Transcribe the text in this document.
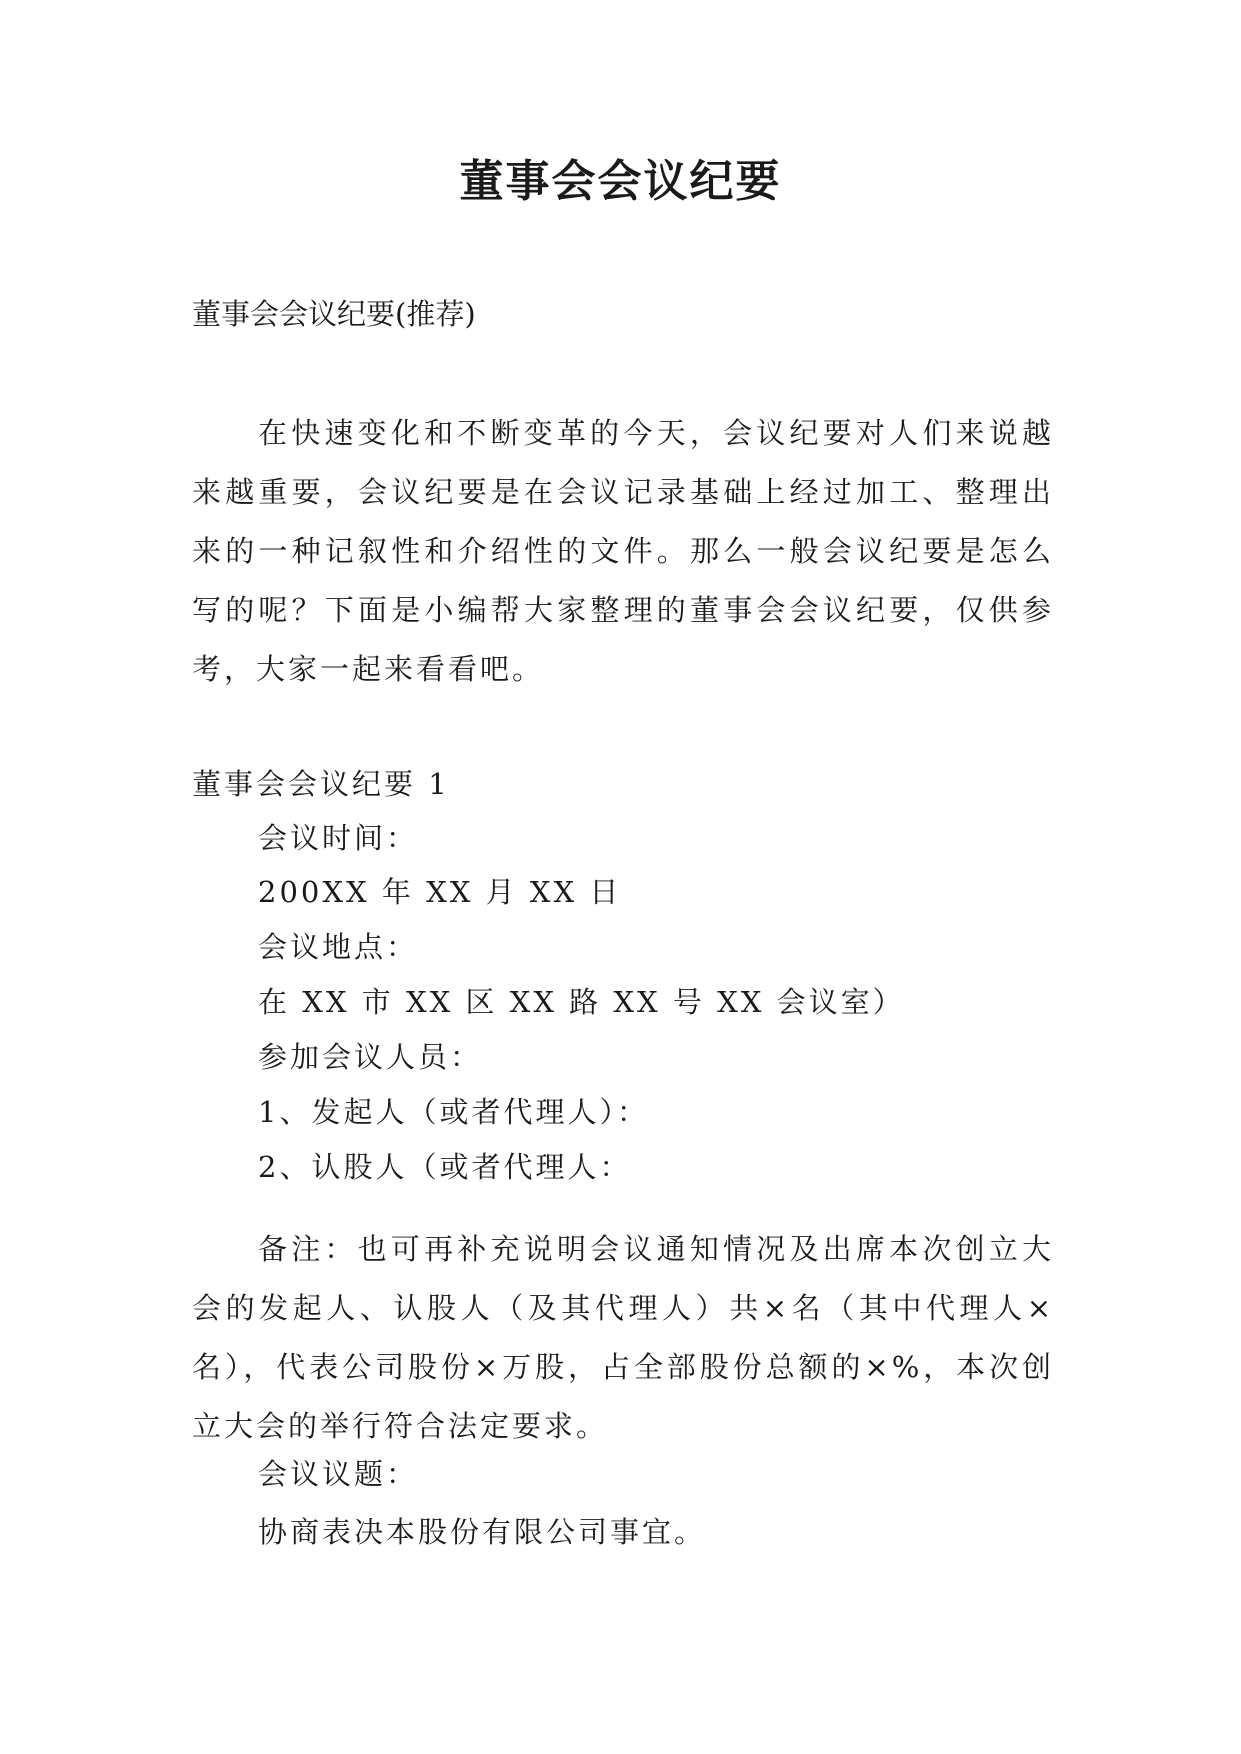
董事会会议纪要
董事会会议纪要(推荐)
在快速变化和不断变革的今天，会议纪要对人们来说越来越重要，会议纪要是在会议记录基础上经过加工、整理出来的一种记叙性和介绍性的文件。那么一般会议纪要是怎么写的呢？下面是小编帮大家整理的董事会会议纪要，仅供参考，大家一起来看看吧。
董事会会议纪要 1
会议时间：
200XX 年 XX 月 XX 日
会议地点：
在 XX 市 XX 区 XX 路 XX 号 XX 会议室）
参加会议人员：
1、发起人（或者代理人）：
2、认股人（或者代理人：
备注：也可再补充说明会议通知情况及出席本次创立大会的发起人、认股人（及其代理人）共×名（其中代理人×名），代表公司股份×万股，占全部股份总额的×%，本次创立大会的举行符合法定要求。
会议议题：
协商表决本股份有限公司事宜。
